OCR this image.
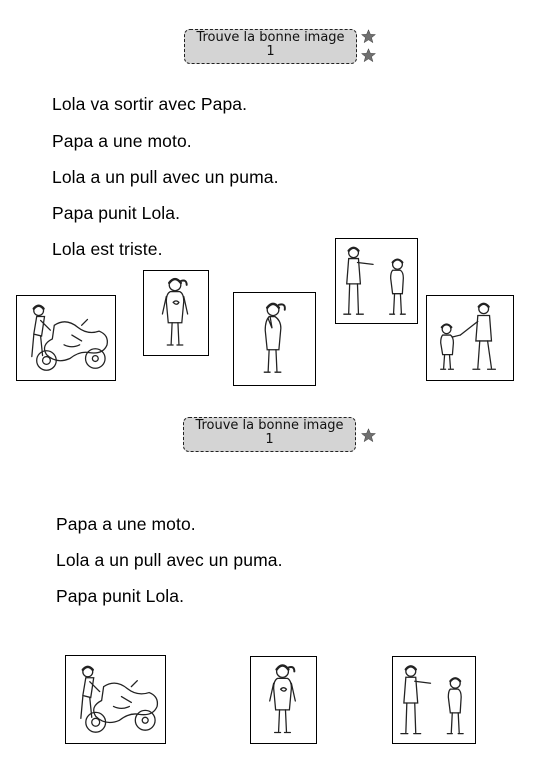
Trouve la bonne image
1
Lola va sortir avec Papa.
Papa a une moto.
Lola a un pull avec un puma.
Papa punit Lola.
Lola est triste.
Trouve la bonne image
1
Papa a une moto.
Lola a un pull avec un puma.
Papa punit Lola.
